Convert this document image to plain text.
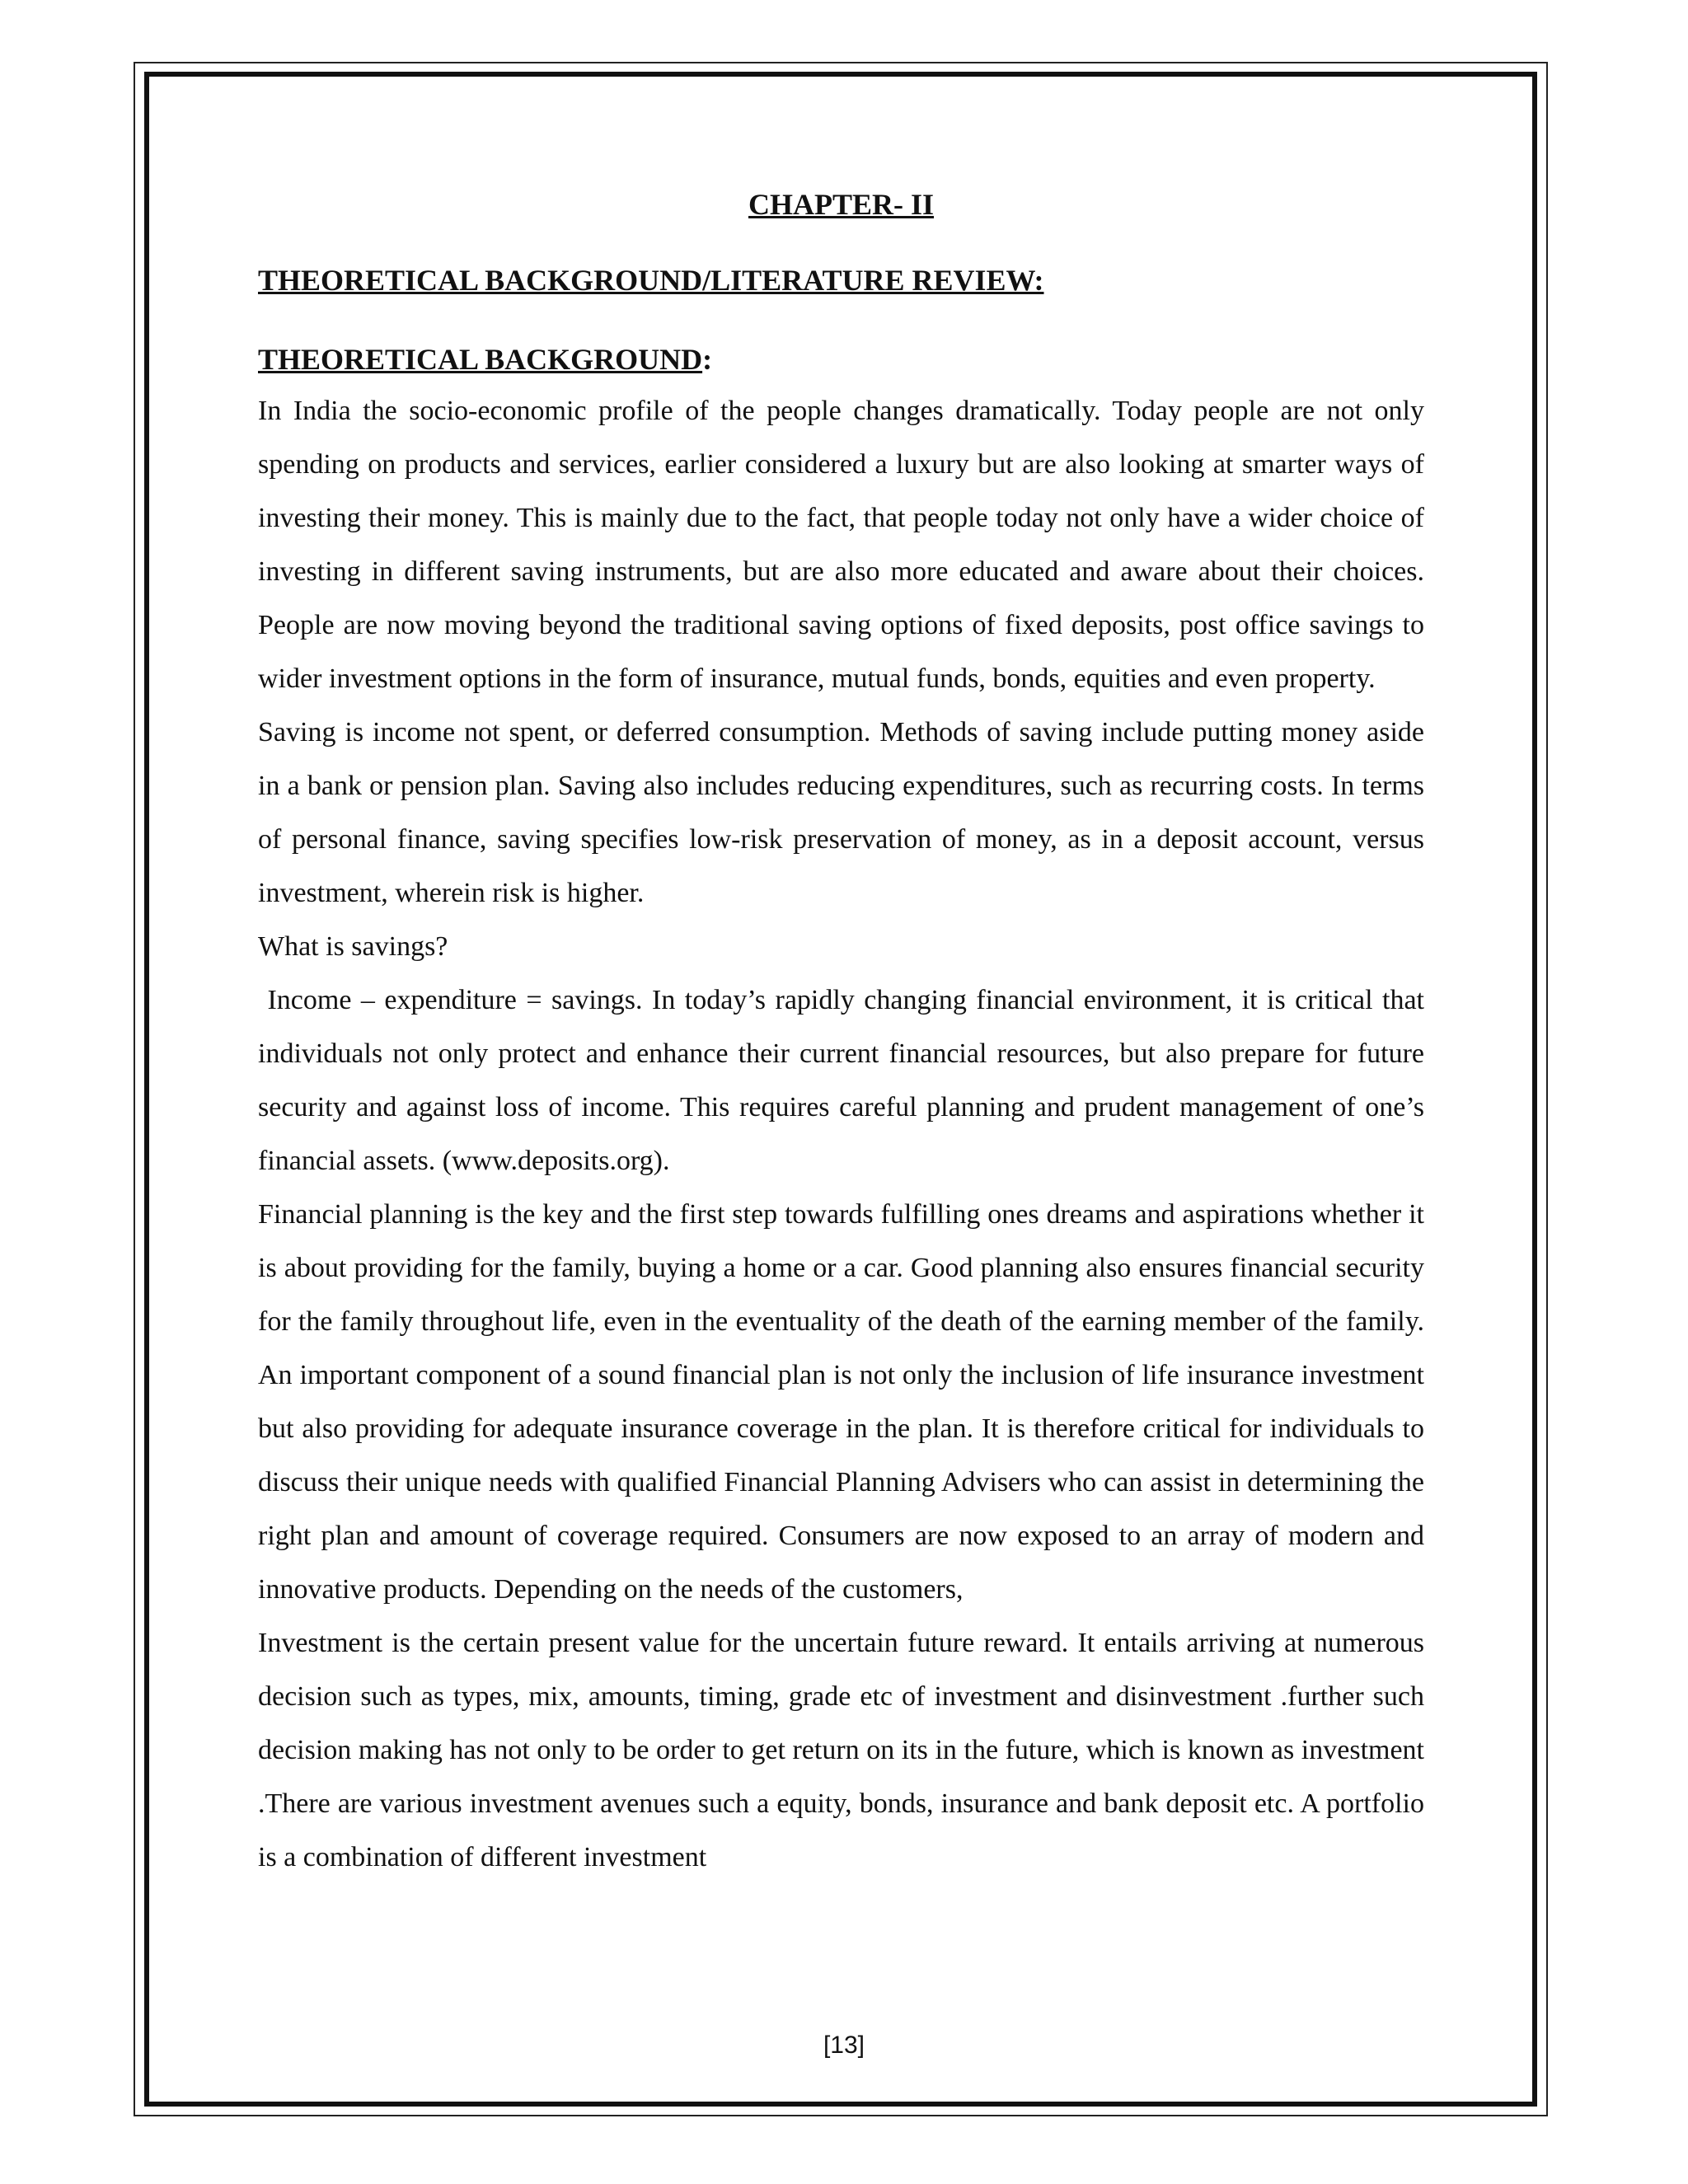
CHAPTER- II
THEORETICAL BACKGROUND/LITERATURE REVIEW:
THEORETICAL BACKGROUND:

In India the socio-economic profile of the people changes dramatically. Today people are not only spending on products and services, earlier considered a luxury but are also looking at smarter ways of investing their money. This is mainly due to the fact, that people today not only have a wider choice of investing in different saving instruments, but are also more educated and aware about their choices. People are now moving beyond the traditional saving options of fixed deposits, post office savings to wider investment options in the form of insurance, mutual funds, bonds, equities and even property.

Saving is income not spent, or deferred consumption. Methods of saving include putting money aside in a bank or pension plan. Saving also includes reducing expenditures, such as recurring costs. In terms of personal finance, saving specifies low-risk preservation of money, as in a deposit account, versus investment, wherein risk is higher.

What is savings?

Income – expenditure = savings. In today’s rapidly changing financial environment, it is critical that individuals not only protect and enhance their current financial resources, but also prepare for future security and against loss of income. This requires careful planning and prudent management of one’s financial assets. (www.deposits.org).

Financial planning is the key and the first step towards fulfilling ones dreams and aspirations whether it is about providing for the family, buying a home or a car. Good planning also ensures financial security for the family throughout life, even in the eventuality of the death of the earning member of the family. An important component of a sound financial plan is not only the inclusion of life insurance investment but also providing for adequate insurance coverage in the plan. It is therefore critical for individuals to discuss their unique needs with qualified Financial Planning Advisers who can assist in determining the right plan and amount of coverage required. Consumers are now exposed to an array of modern and innovative products. Depending on the needs of the customers,

Investment is the certain present value for the uncertain future reward. It entails arriving at numerous decision such as types, mix, amounts, timing, grade etc of investment and disinvestment .further such decision making has not only to be order to get return on its in the future, which is known as investment .There are various investment avenues such a equity, bonds, insurance and bank deposit etc. A portfolio is a combination of different investment

[13]
